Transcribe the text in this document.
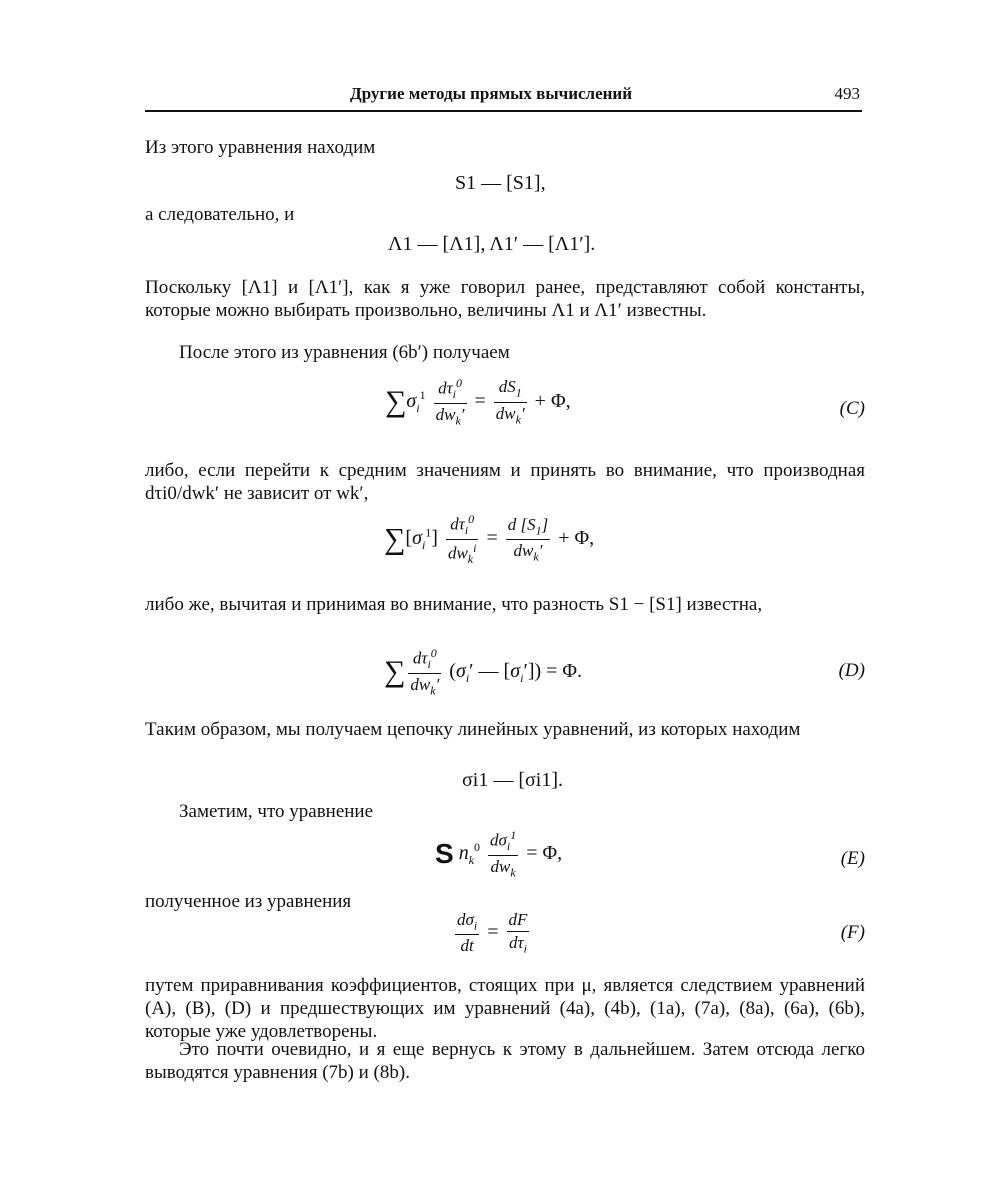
Другие методы прямых вычислений	493

Из этого уравнения находим

S1 — [S1],

а следовательно, и

Λ1 — [Λ1], Λ1′ — [Λ1′].

Поскольку [Λ1] и [Λ1′], как я уже говорил ранее, представляют собой константы, которые можно выбирать произвольно, величины Λ1 и Λ1′ известны.

После этого из уравнения (6b′) получаем

$\sum\sigma_i^1 \frac{d\tau_i^0}{dw_k'} = \frac{dS_1}{dw_k'} + \Phi$,	(C)

либо, если перейти к средним значениям и принять во внимание, что производная dτi0/dwk′ не зависит от wk′,

$\sum[\sigma_i^1] \frac{d\tau_i^0}{dw_k^i} = \frac{d [S_1]}{dw_k'} + \Phi$,

либо же, вычитая и принимая во внимание, что разность S1 − [S1] известна,

∑ $\frac{d\tau_i^0}{dw_k'} (\sigma_i'$ — $[\sigma_i']) = \Phi$.	(D)

Таким образом, мы получаем цепочку линейных уравнений, из которых находим

σi1 — [σi1].

Заметим, что уравнение

S $n_k^0 \frac{d\sigma_i^1}{dw_k} = \Phi$,	(E)

полученное из уравнения

$\frac{d\sigma_i}{dt} = \frac{dF}{d\tau_i}$	(F)

путем приравнивания коэффициентов, стоящих при μ, является следствием уравнений (A), (B), (D) и предшествующих им уравнений (4a), (4b), (1a), (7a), (8a), (6a), (6b), которые уже удовлетворены.

Это почти очевидно, и я еще вернусь к этому в дальнейшем. Затем отсюда легко выводятся уравнения (7b) и (8b).
